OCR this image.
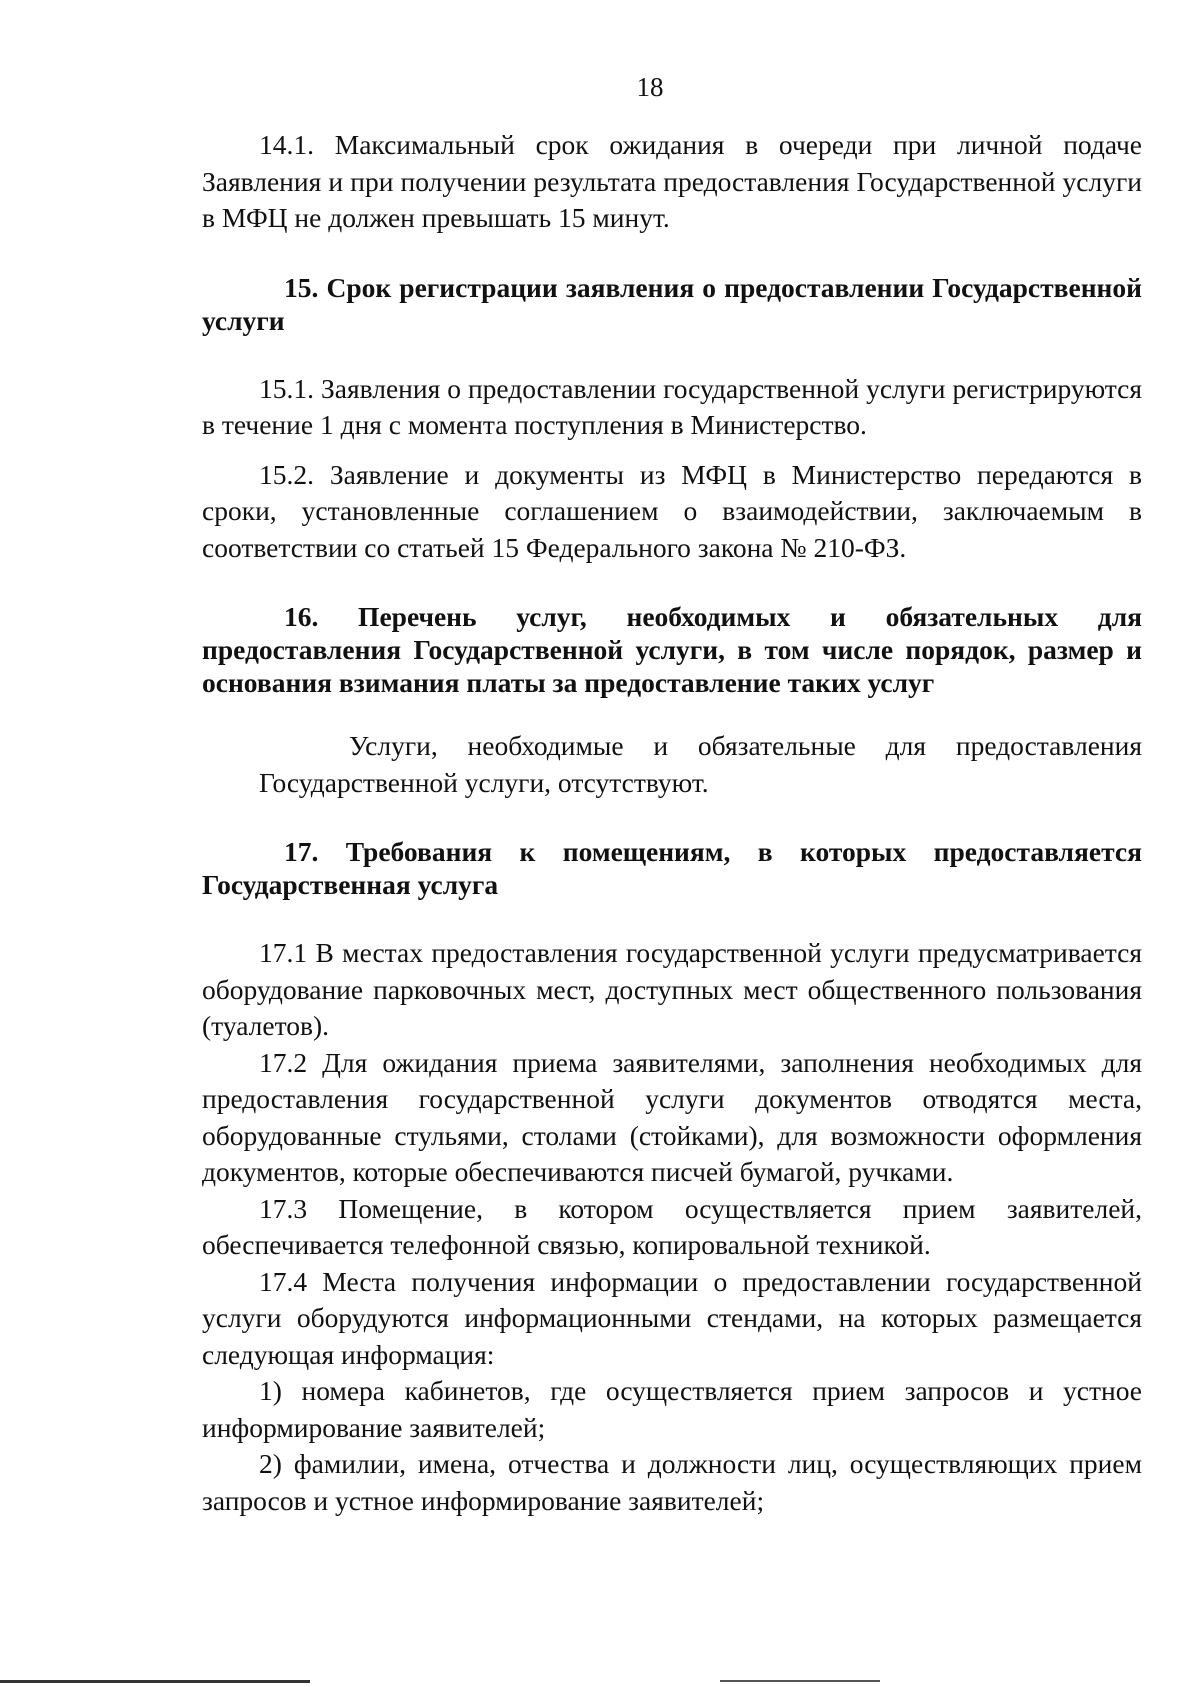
18

14.1. Максимальный срок ожидания в очереди при личной подаче Заявления и при получении результата предоставления Государственной услуги в МФЦ не должен превышать 15 минут.

15. Срок регистрации заявления о предоставлении Государственной услуги

15.1. Заявления о предоставлении государственной услуги регистрируются в течение 1 дня с момента поступления в Министерство.

15.2. Заявление и документы из МФЦ в Министерство передаются в сроки, установленные соглашением о взаимодействии, заключаемым в соответствии со статьей 15 Федерального закона № 210-ФЗ.

16. Перечень услуг, необходимых и обязательных для предоставления Государственной услуги, в том числе порядок, размер и основания взимания платы за предоставление таких услуг

Услуги, необходимые и обязательные для предоставления Государственной услуги, отсутствуют.

17. Требования к помещениям, в которых предоставляется Государственная услуга

17.1 В местах предоставления государственной услуги предусматривается оборудование парковочных мест, доступных мест общественного пользования (туалетов).

17.2 Для ожидания приема заявителями, заполнения необходимых для предоставления государственной услуги документов отводятся места, оборудованные стульями, столами (стойками), для возможности оформления документов, которые обеспечиваются писчей бумагой, ручками.

17.3 Помещение, в котором осуществляется прием заявителей, обеспечивается телефонной связью, копировальной техникой.

17.4 Места получения информации о предоставлении государственной услуги оборудуются информационными стендами, на которых размещается следующая информация:

1) номера кабинетов, где осуществляется прием запросов и устное информирование заявителей;

2) фамилии, имена, отчества и должности лиц, осуществляющих прием запросов и устное информирование заявителей;
